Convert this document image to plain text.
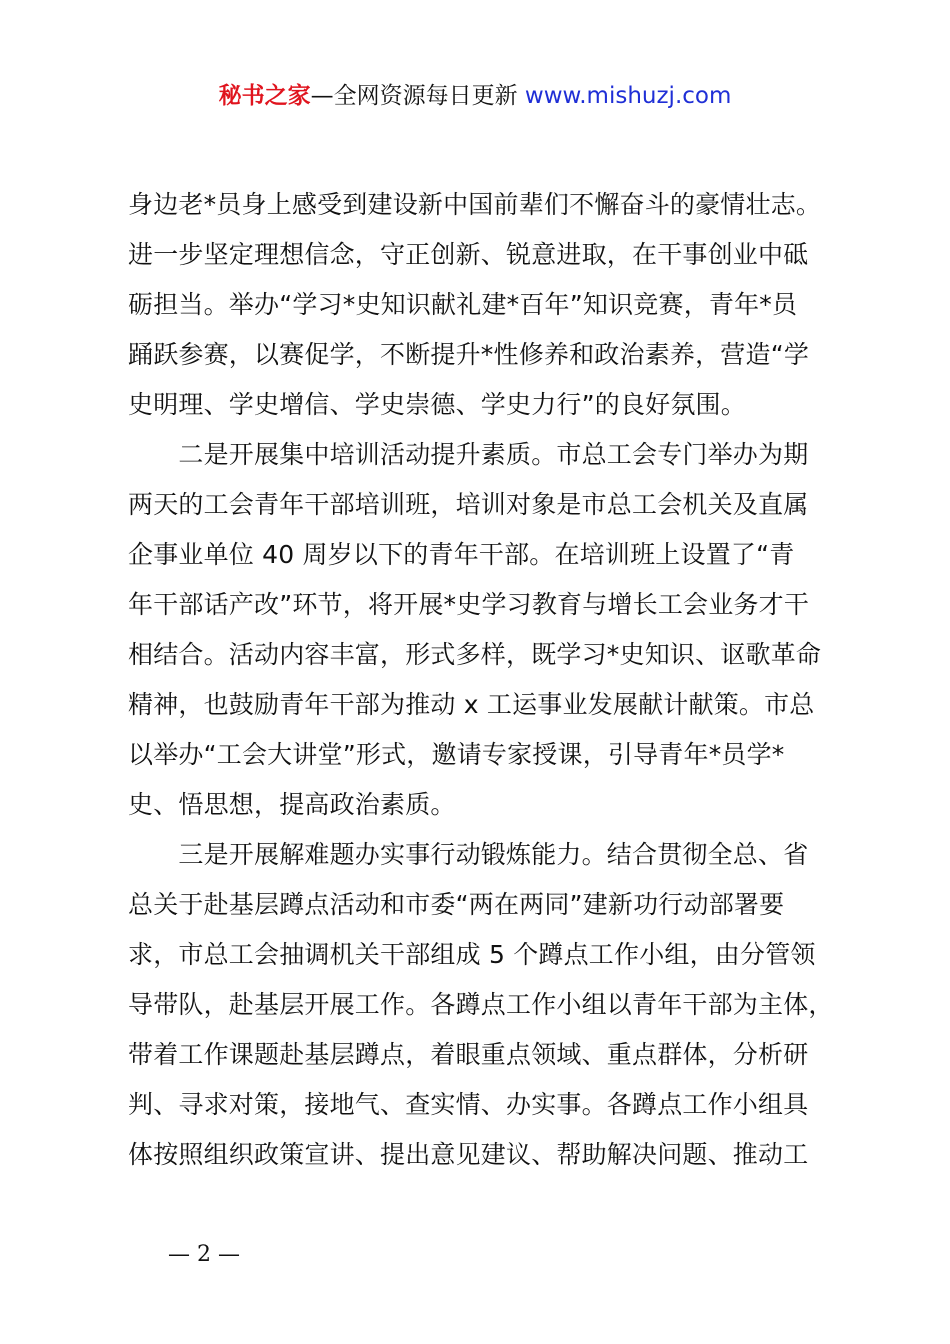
秘书之家—全网资源每日更新 www.mishuzj.com
身边老*员身上感受到建设新中国前辈们不懈奋斗的豪情壮志。
进一步坚定理想信念，守正创新、锐意进取，在干事创业中砥
砺担当。举办“学习*史知识献礼建*百年”知识竞赛，青年*员
踊跃参赛，以赛促学，不断提升*性修养和政治素养，营造“学
史明理、学史增信、学史崇德、学史力行”的良好氛围。
　　二是开展集中培训活动提升素质。市总工会专门举办为期
两天的工会青年干部培训班，培训对象是市总工会机关及直属
企事业单位 40 周岁以下的青年干部。在培训班上设置了“青
年干部话产改”环节，将开展*史学习教育与增长工会业务才干
相结合。活动内容丰富，形式多样，既学习*史知识、讴歌革命
精神，也鼓励青年干部为推动 x 工运事业发展献计献策。市总
以举办“工会大讲堂”形式，邀请专家授课，引导青年*员学*
史、悟思想，提高政治素质。
　　三是开展解难题办实事行动锻炼能力。结合贯彻全总、省
总关于赴基层蹲点活动和市委“两在两同”建新功行动部署要
求，市总工会抽调机关干部组成 5 个蹲点工作小组，由分管领
导带队，赴基层开展工作。各蹲点工作小组以青年干部为主体，
带着工作课题赴基层蹲点，着眼重点领域、重点群体，分析研
判、寻求对策，接地气、查实情、办实事。各蹲点工作小组具
体按照组织政策宣讲、提出意见建议、帮助解决问题、推动工
— 2 —
